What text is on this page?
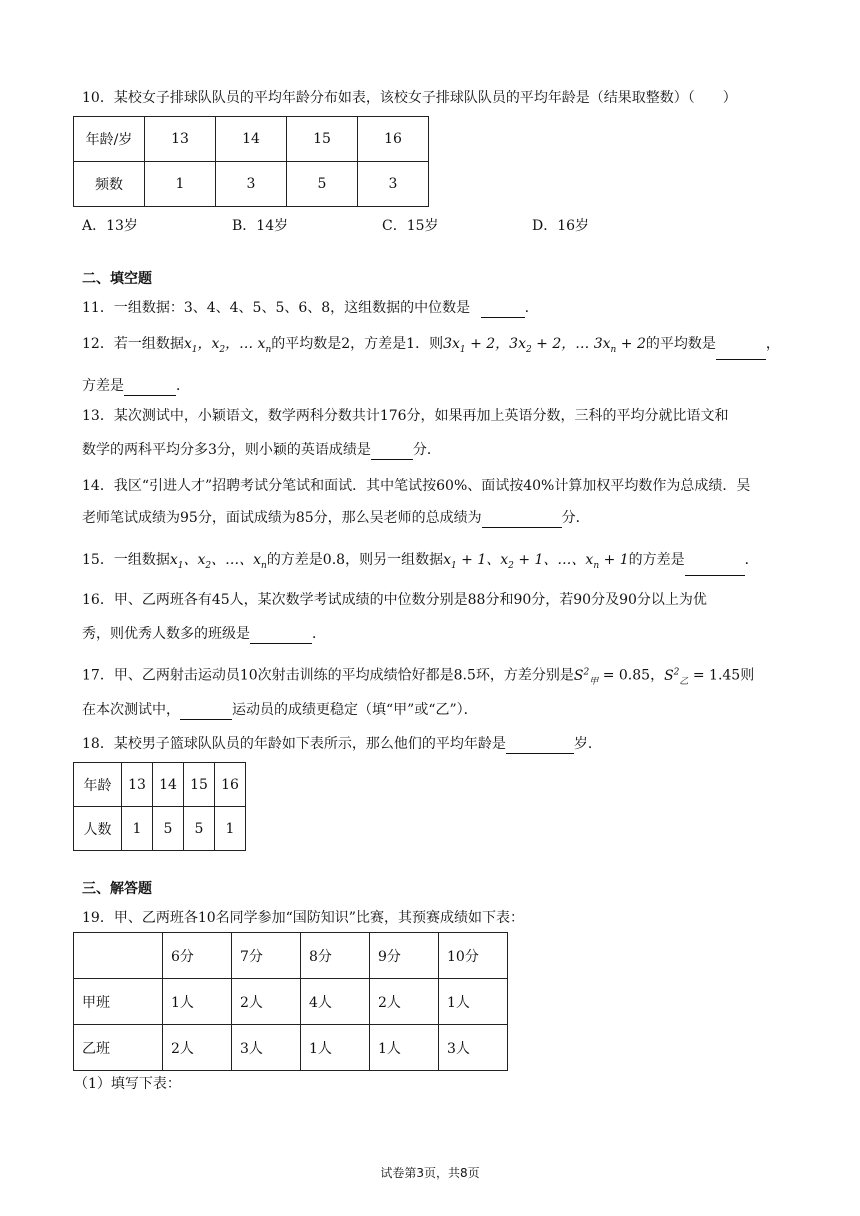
10．某校女子排球队队员的平均年龄分布如表，该校女子排球队队员的平均年龄是（结果取整数）（　　）
年龄/岁	13	14	15	16
频数	1	3	5	3
A．13岁	B．14岁	C．15岁	D．16岁
二、填空题
11．一组数据：3、4、4、5、5、6、8，这组数据的中位数是	.
12．若一组数据$x_1$，$x_2$，… $x_n$的平均数是2，方差是1．则$3x_1 + 2$，$3x_2 + 2$，… $3x_n + 2$的平均数是	，
方差是	．
13．某次测试中，小颖语文，数学两科分数共计176分，如果再加上英语分数，三科的平均分就比语文和
数学的两科平均分多3分，则小颖的英语成绩是	分．
14．我区“引进人才”招聘考试分笔试和面试．其中笔试按60%、面试按40%计算加权平均数作为总成绩．吴
老师笔试成绩为95分，面试成绩为85分，那么吴老师的总成绩为	分．
15．一组数据$x_1$、$x_2$、…、$x_n$的方差是0.8，则另一组数据$x_1 + 1$、$x_2 + 1$、…、$x_n + 1$的方差是	．
16．甲、乙两班各有45人，某次数学考试成绩的中位数分别是88分和90分，若90分及90分以上为优
秀，则优秀人数多的班级是	．
17．甲、乙两射击运动员10次射击训练的平均成绩恰好都是8.5环，方差分别是$S^2_甲 = 0.85$，$S^2_乙 = 1.45$则
在本次测试中，	运动员的成绩更稳定（填“甲”或“乙”）．
18．某校男子篮球队队员的年龄如下表所示，那么他们的平均年龄是	岁．
年龄	13	14	15	16
人数	1	5	5	1
三、解答题
19．甲、乙两班各10名同学参加“国防知识”比赛，其预赛成绩如下表：
	6分	7分	8分	9分	10分
甲班	1人	2人	4人	2人	1人
乙班	2人	3人	1人	1人	3人
（1）填写下表：
试卷第3页，共8页
